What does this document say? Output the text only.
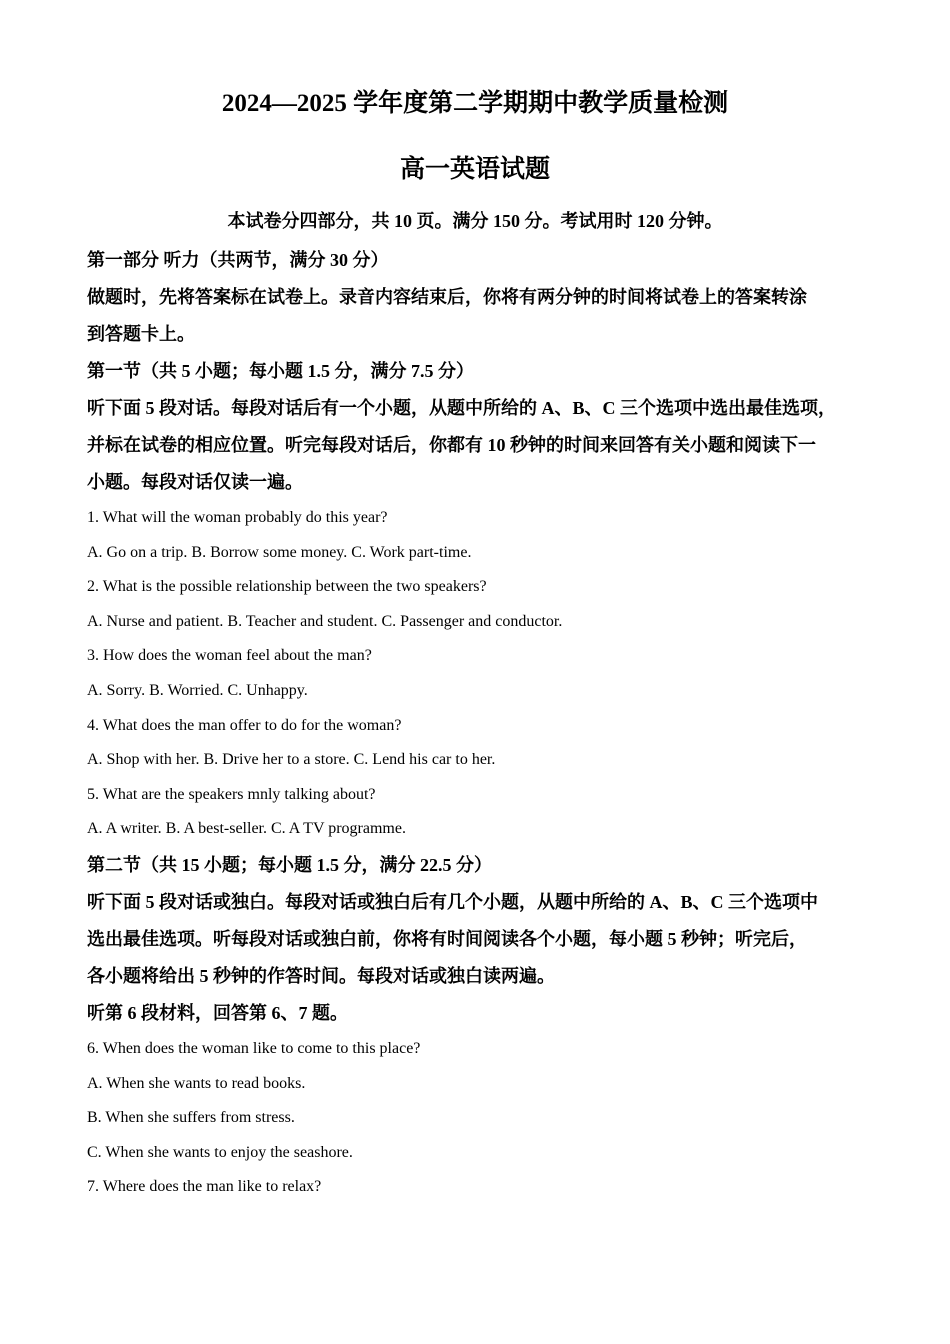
2024—2025 学年度第二学期期中教学质量检测
高一英语试题
本试卷分四部分，共 10 页。满分 150 分。考试用时 120 分钟。
第一部分 听力（共两节，满分 30 分）
做题时，先将答案标在试卷上。录音内容结束后，你将有两分钟的时间将试卷上的答案转涂
到答题卡上。
第一节（共 5 小题；每小题 1.5 分，满分 7.5 分）
听下面 5 段对话。每段对话后有一个小题，从题中所给的 A、B、C 三个选项中选出最佳选项，
并标在试卷的相应位置。听完每段对话后，你都有 10 秒钟的时间来回答有关小题和阅读下一
小题。每段对话仅读一遍。
1. What will the woman probably do this year?
A. Go on a trip. B. Borrow some money. C. Work part-time.
2. What is the possible relationship between the two speakers?
A. Nurse and patient. B. Teacher and student. C. Passenger and conductor.
3. How does the woman feel about the man?
A. Sorry. B. Worried. C. Unhappy.
4. What does the man offer to do for the woman?
A. Shop with her. B. Drive her to a store. C. Lend his car to her.
5. What are the speakers mnly talking about?
A. A writer. B. A best-seller. C. A TV programme.
第二节（共 15 小题；每小题 1.5 分，满分 22.5 分）
听下面 5 段对话或独白。每段对话或独白后有几个小题，从题中所给的 A、B、C 三个选项中
选出最佳选项。听每段对话或独白前，你将有时间阅读各个小题，每小题 5 秒钟；听完后，
各小题将给出 5 秒钟的作答时间。每段对话或独白读两遍。
听第 6 段材料，回答第 6、7 题。
6. When does the woman like to come to this place?
A. When she wants to read books.
B. When she suffers from stress.
C. When she wants to enjoy the seashore.
7. Where does the man like to relax?
